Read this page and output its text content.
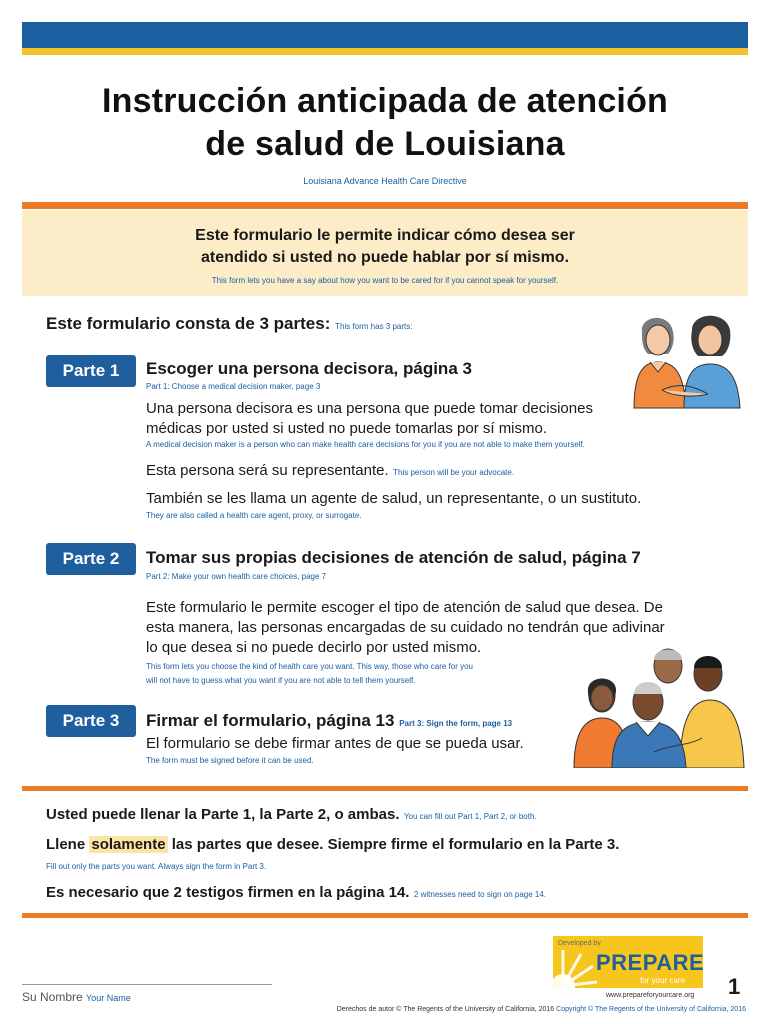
Instrucción anticipada de atención
de salud de Louisiana
Louisiana Advance Health Care Directive
Este formulario le permite indicar cómo desea ser
atendido si usted no puede hablar por sí mismo.
This form lets you have a say about how you want to be cared for if you cannot speak for yourself.
Este formulario consta de 3 partes: This form has 3 parts:
Parte 1	Escoger una persona decisora, página 3
Part 1: Choose a medical decision maker, page 3
Una persona decisora es una persona que puede tomar decisiones
médicas por usted si usted no puede tomarlas por sí mismo.
A medical decision maker is a person who can make health care decisions for you if you are not able to make them yourself.
Esta persona será su representante. This person will be your advocate.
También se les llama un agente de salud, un representante, o un sustituto.
They are also called a health care agent, proxy, or surrogate.
Parte 2	Tomar sus propias decisiones de atención de salud, página 7
Part 2: Make your own health care choices, page 7
Este formulario le permite escoger el tipo de atención de salud que desea. De
esta manera, las personas encargadas de su cuidado no tendrán que adivinar
lo que desea si no puede decirlo por usted mismo.
This form lets you choose the kind of health care you want. This way, those who care for you
will not have to guess what you want if you are not able to tell them yourself.
Parte 3	Firmar el formulario, página 13 Part 3: Sign the form, page 13
El formulario se debe firmar antes de que se pueda usar.
The form must be signed before it can be used.
Usted puede llenar la Parte 1, la Parte 2, o ambas. You can fill out Part 1, Part 2, or both.
Llene solamente las partes que desee. Siempre firme el formulario en la Parte 3.
Fill out only the parts you want. Always sign the form in Part 3.
Es necesario que 2 testigos firmen en la página 14. 2 witnesses need to sign on page 14.
Su Nombre Your Name
Developed by
PREPARE™
for your care
www.prepareforyourcare.org 1
Derechos de autor © The Regents of the University of California, 2016 Copyright © The Regents of the University of California, 2016
